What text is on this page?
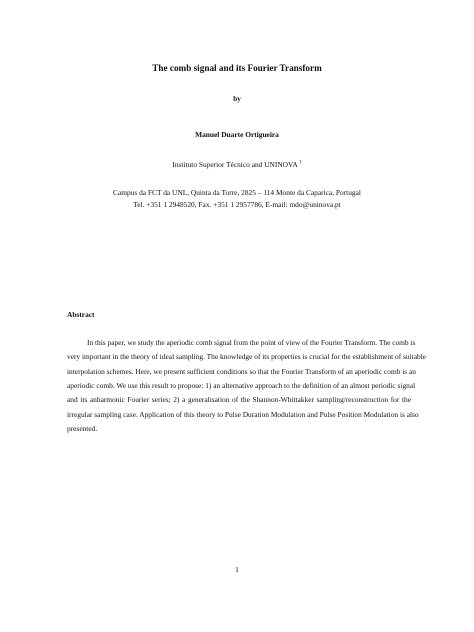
The comb signal and its Fourier Transform
by
Manuel Duarte Ortigueira
Instituto Superior Técnico and UNINOVA $^1$
Campus da FCT da UNL, Quinta da Torre, 2825 – 114 Monte da Caparica, Portugal
Tel. +351 1 2948520, Fax. +351 1 2957786, E-mail: mdo@uninova.pt
Abstract
In this paper, we study the aperiodic comb signal from the point of view of the Fourier Transform. The comb is
very important in the theory of ideal sampling. The knowledge of its properties is crucial for the establishment of suitable
interpolation schemes. Here, we present sufficient conditions so that the Fourier Transform of an aperiodic comb is an
aperiodic comb. We use this result to propose: 1) an alternative approach to the definition of an almost periodic signal
and its anharmonic Fourier series; 2) a generalisation of the Shannon-Whittakker sampling/reconstruction for the
irregular sampling case. Application of this theory to Pulse Duration Modulation and Pulse Position Modulation is also
presented.
1
